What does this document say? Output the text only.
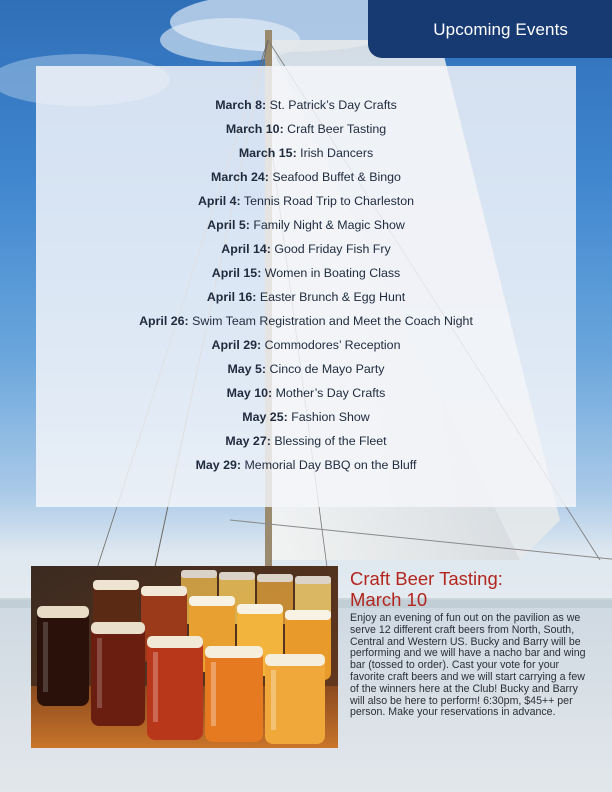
Upcoming Events
March 8: St. Patrick’s Day Crafts
March 10: Craft Beer Tasting
March 15: Irish Dancers
March 24: Seafood Buffet & Bingo
April 4: Tennis Road Trip to Charleston
April 5: Family Night & Magic Show
April 14: Good Friday Fish Fry
April 15: Women in Boating Class
April 16: Easter Brunch & Egg Hunt
April 26: Swim Team Registration and Meet the Coach Night
April 29: Commodores’ Reception
May 5: Cinco de Mayo Party
May 10: Mother’s Day Crafts
May 25: Fashion Show
May 27: Blessing of the Fleet
May 29: Memorial Day BBQ on the Bluff
Craft Beer Tasting:
March 10

Enjoy an evening of fun out on the pavilion as we serve 12 different craft beers from North, South, Central and Western US. Bucky and Barry will be performing and we will have a nacho bar and wing bar (tossed to order). Cast your vote for your favorite craft beers and we will start carrying a few of the winners here at the Club! Bucky and Barry will also be here to perform! 6:30pm, $45++ per person. Make your reservations in advance.
